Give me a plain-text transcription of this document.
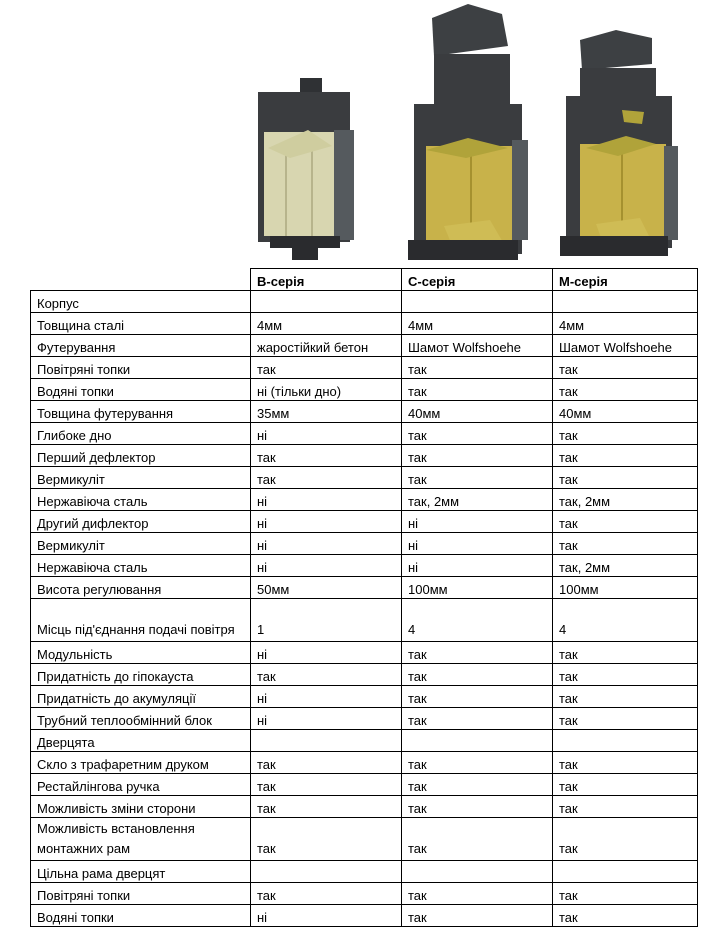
	B-серія	C-серія	M-серія
Корпус			
Товщина сталі	4мм	4мм	4мм
Футерування	жаростійкий бетон	Шамот Wolfshoehe	Шамот Wolfshoehe
Повітряні топки	так	так	так
Водяні топки	ні (тільки дно)	так	так
Товщина футерування	35мм	40мм	40мм
Глибоке дно	ні	так	так
Перший дефлектор	так	так	так
Вермикуліт	так	так	так
Нержавіюча сталь	ні	так, 2мм	так, 2мм
Другий дифлектор	ні	ні	так
Вермикуліт	ні	ні	так
Нержавіюча сталь	ні	ні	так, 2мм
Висота регулювання	50мм	100мм	100мм
Місць під'єднання подачі повітря	1	4	4
Модульність	ні	так	так
Придатність до гіпокауста	так	так	так
Придатність до акумуляції	ні	так	так
Трубний теплообмінний блок	ні	так	так
Дверцята			
Скло з трафаретним друком	так	так	так
Рестайлінгова ручка	так	так	так
Можливість зміни сторони	так	так	так
Можливість встановлення монтажних рам	так	так	так
Цільна рама дверцят			
Повітряні топки	так	так	так
Водяні топки	ні	так	так
